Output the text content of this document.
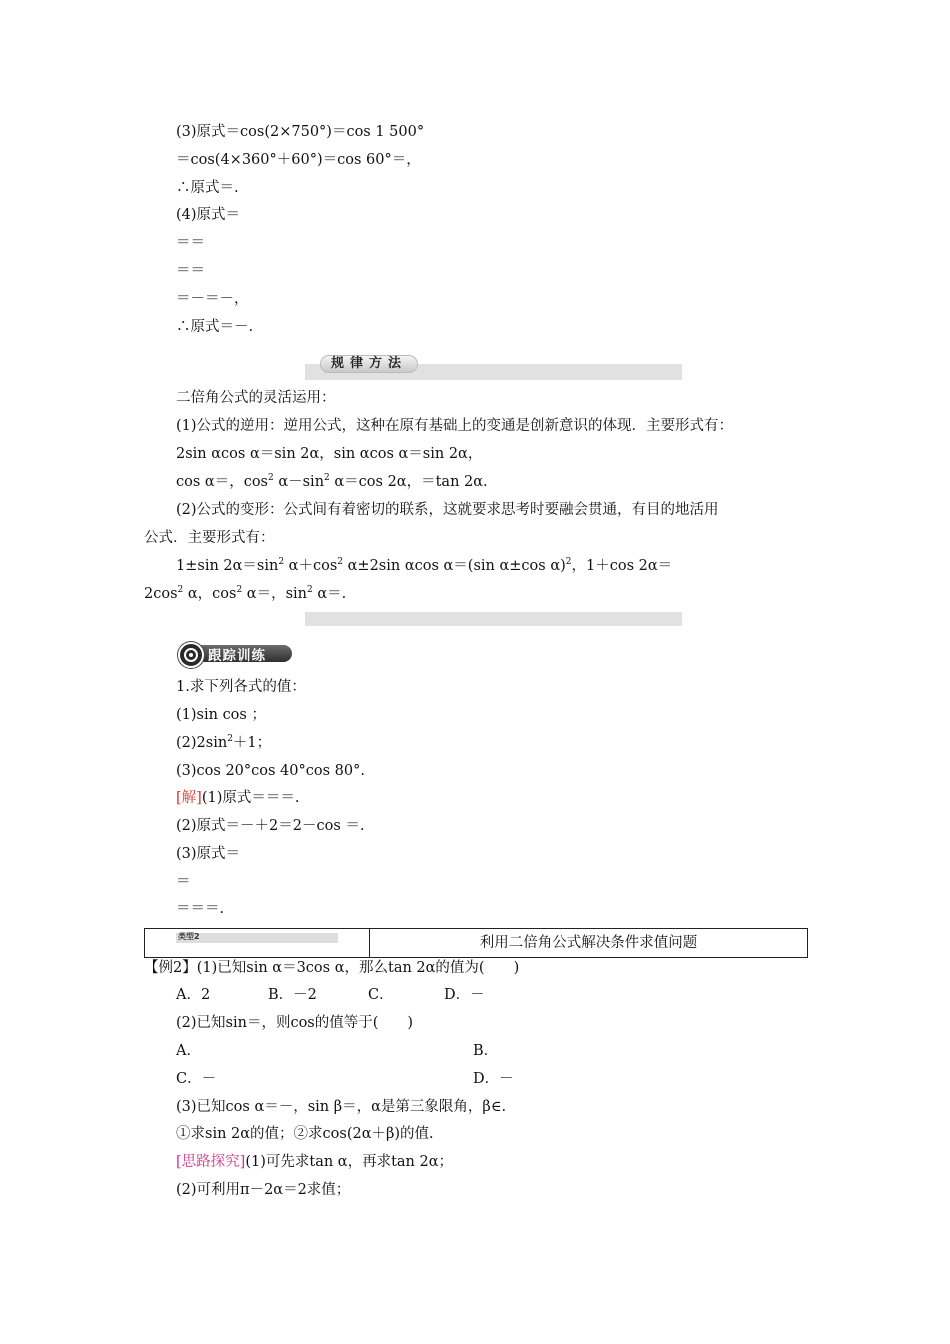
(3)原式＝cos(2×750°)＝cos 1 500°
＝cos(4×360°＋60°)＝cos 60°＝，
∴原式＝.
(4)原式＝
＝＝
＝＝
＝－＝－，
∴原式＝－.
规律方法
二倍角公式的灵活运用：
(1)公式的逆用：逆用公式，这种在原有基础上的变通是创新意识的体现．主要形式有：
2sin αcos α＝sin 2α，sin αcos α＝sin 2α，
cos α＝，$\cos^2 \alpha-\sin^2$ α＝cos 2α，＝tan 2α.
(2)公式的变形：公式间有着密切的联系，这就要求思考时要融会贯通，有目的地活用
公式．主要形式有：
1±sin $2\alpha=\sin^2$ $\alpha+\cos^2$ α±2sin αcos α＝(sin α±cos α)$^2$，1＋cos 2α＝
$2\cos^2$ α，$\cos^2 \alpha=$，$\sin^2 \alpha=$.
跟踪训练
1.求下列各式的值：
(1)sin cos ；
$(2)2\sin^2+1$；
(3)cos 20°cos 40°cos 80°.
[解](1)原式＝＝＝.
(2)原式＝－＋2＝2－cos ＝.
(3)原式＝
＝
＝＝＝.
类型2	利用二倍角公式解决条件求值问题
【例2】(1)已知sin α＝3cos α，那么tan 2α的值为(　　)
A．2	B．－2	C．	D．－
(2)已知sin＝，则cos的值等于(　　)
A．	B．
C．－	D．－
(3)已知cos α＝－，sin β＝，α是第三象限角，β∈.
①求sin 2α的值；②求cos(2α＋β)的值.
[思路探究](1)可先求tan α，再求tan 2α；
(2)可利用π－2α＝2求值；
